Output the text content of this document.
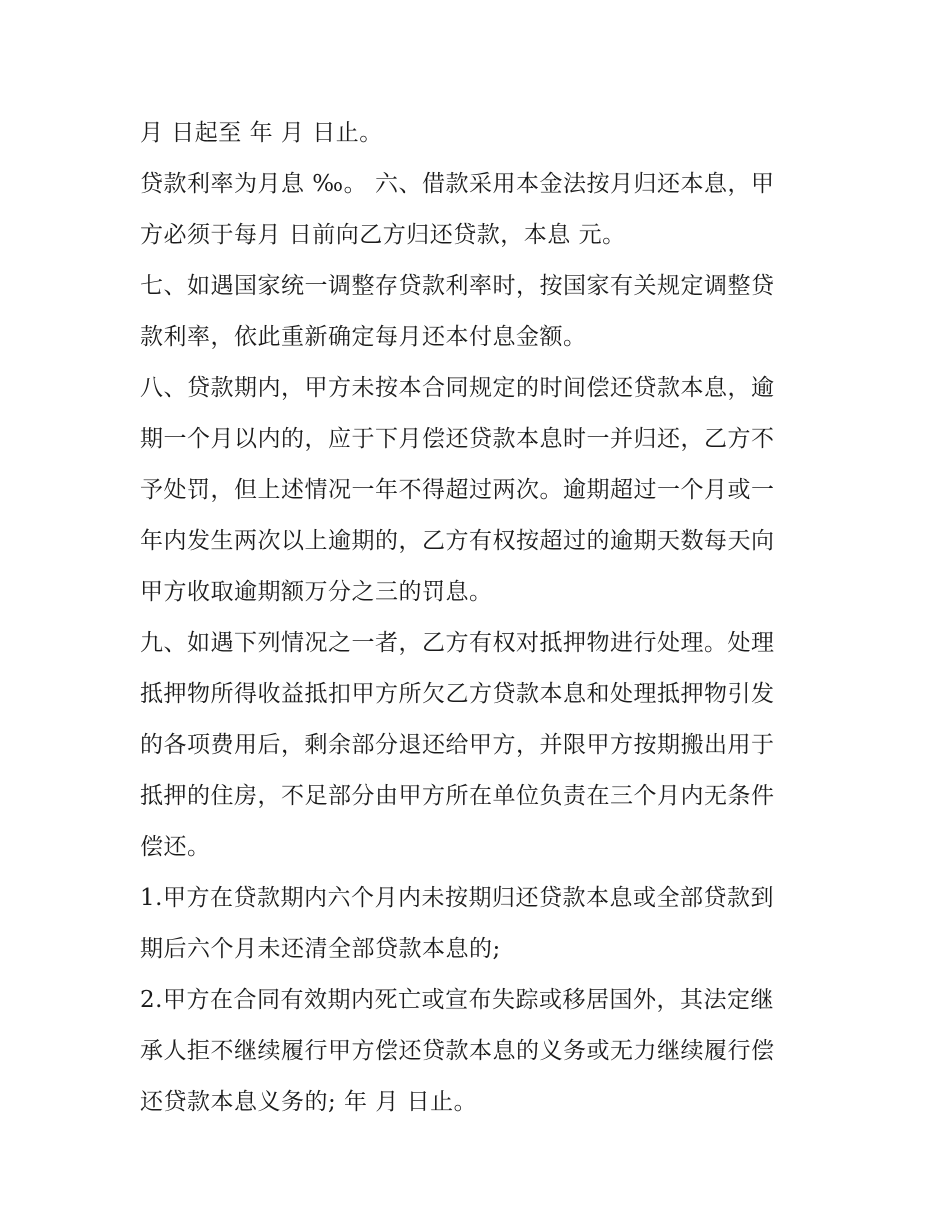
月 日起至 年 月 日止。
贷款利率为月息 ‰。 六、借款采用本金法按月归还本息，甲
方必须于每月 日前向乙方归还贷款，本息 元。
七、如遇国家统一调整存贷款利率时，按国家有关规定调整贷
款利率，依此重新确定每月还本付息金额。
八、贷款期内，甲方未按本合同规定的时间偿还贷款本息，逾
期一个月以内的，应于下月偿还贷款本息时一并归还，乙方不
予处罚，但上述情况一年不得超过两次。逾期超过一个月或一
年内发生两次以上逾期的，乙方有权按超过的逾期天数每天向
甲方收取逾期额万分之三的罚息。
九、如遇下列情况之一者，乙方有权对抵押物进行处理。处理
抵押物所得收益抵扣甲方所欠乙方贷款本息和处理抵押物引发
的各项费用后，剩余部分退还给甲方，并限甲方按期搬出用于
抵押的住房，不足部分由甲方所在单位负责在三个月内无条件
偿还。
1.甲方在贷款期内六个月内未按期归还贷款本息或全部贷款到
期后六个月未还清全部贷款本息的;
2.甲方在合同有效期内死亡或宣布失踪或移居国外，其法定继
承人拒不继续履行甲方偿还贷款本息的义务或无力继续履行偿
还贷款本息义务的; 年 月 日止。
